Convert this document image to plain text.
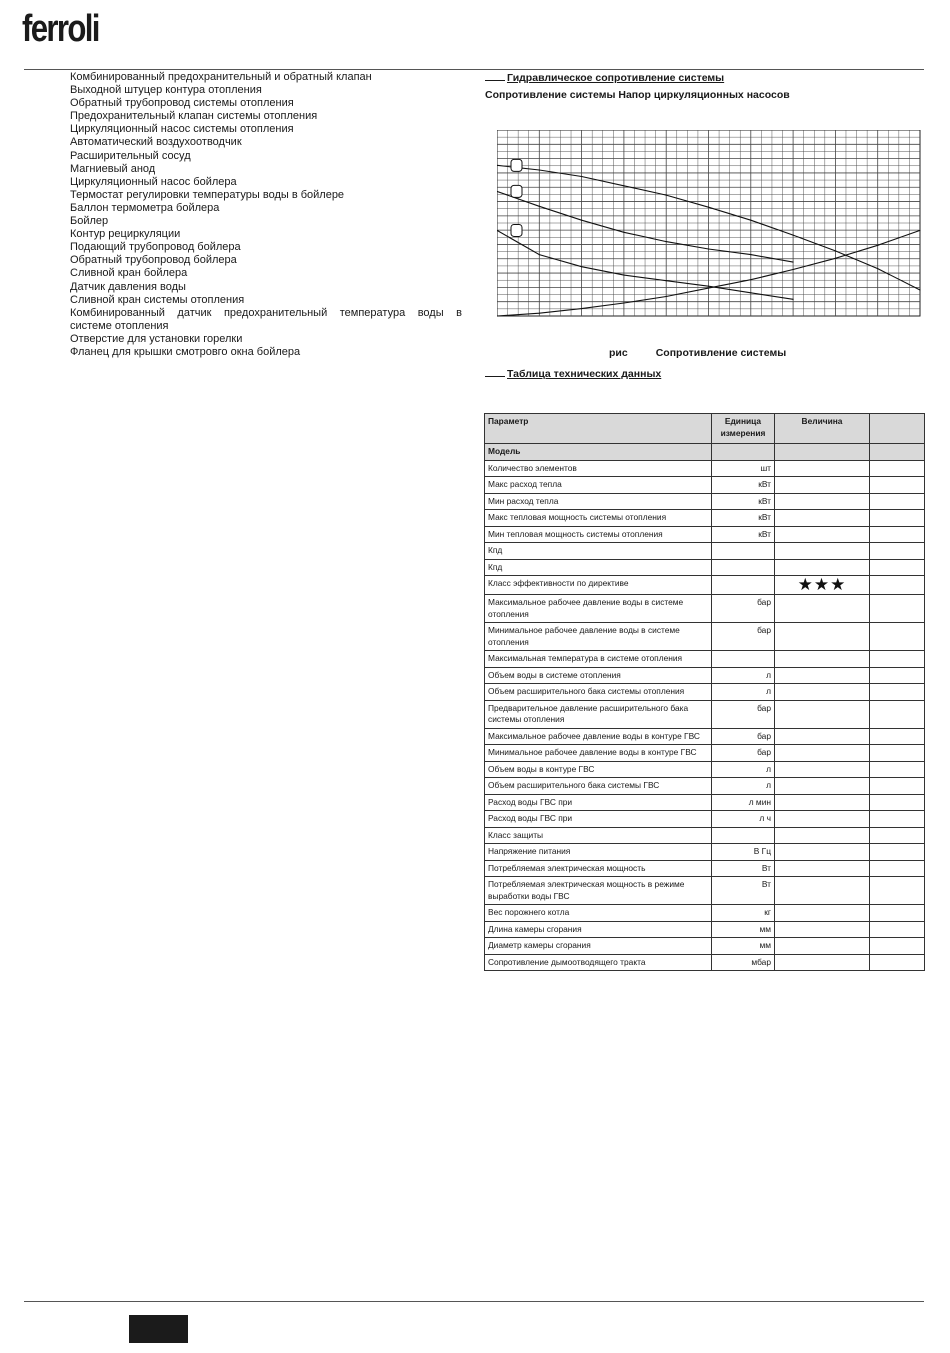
ferroli
Комбинированный предохранительный и обратный клапан
Выходной штуцер контура отопления
Обратный трубопровод системы отопления
Предохранительный клапан системы отопления
Циркуляционный насос системы отопления
Автоматический воздухоотводчик
Расширительный сосуд
Магниевый анод
Циркуляционный насос бойлера
Термостат регулировки температуры воды в бойлере
Баллон термометра бойлера
Бойлер
Контур рециркуляции
Подающий трубопровод бойлера
Обратный трубопровод бойлера
Сливной кран бойлера
Датчик давления воды
Сливной кран системы отопления
Комбинированный датчик предохранительный температура воды в
системе отопления
Отверстие для установки горелки
Фланец для крышки смотровго окна бойлера
Гидравлическое сопротивление системы
Сопротивление системы Напор циркуляционных насосов
рис	Сопротивление системы
Таблица технических данных
Параметр	Единица измерения	Величина	
Модель			
Количество элементов	шт		
Макс расход тепла	кВт		
Мин расход тепла	кВт		
Макс тепловая мощность системы отопления	кВт		
Мин тепловая мощность системы отопления	кВт		
Кпд			
Кпд			
Класс эффективности по директиве		★★★	

Максимальное рабочее давление воды в системе отопления	бар		
Минимальное рабочее давление воды в системе отопления	бар		
Максимальная температура в системе отопления			
Объем воды в системе отопления	л		
Объем расширительного бака системы отопления	л		
Предварительное давление расширительного бака системы отопления	бар		
Максимальное рабочее давление воды в контуре ГВС	бар		
Минимальное рабочее давление воды в контуре ГВС	бар		
Объем воды в контуре ГВС	л		
Объем расширительного бака системы ГВС	л		
Расход воды ГВС при	л мин		
Расход воды ГВС при	л ч		
Класс защиты			
Напряжение питания	В Гц		
Потребляемая электрическая мощность	Вт		
Потребляемая электрическая мощность в режиме выработки воды ГВС	Вт		
Вес порожнего котла	кг		
Длина камеры сгорания	мм		
Диаметр камеры сгорания	мм		
Сопротивление дымоотводящего тракта	мбар		
